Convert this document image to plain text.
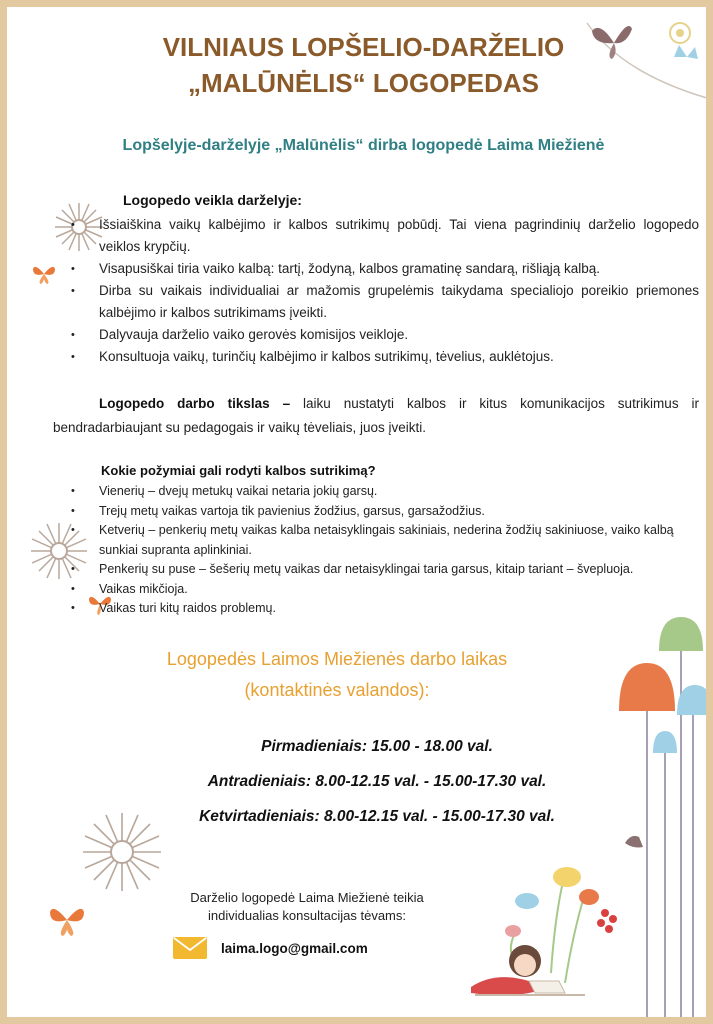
VILNIAUS LOPŠELIO-DARŽELIO
„MALŪNĖLIS“ LOGOPEDAS

Lopšelyje-darželyje „Malūnėlis“ dirba logopedė Laima Miežienė

Logopedo veikla darželyje:

• Išsiaiškina vaikų kalbėjimo ir kalbos sutrikimų pobūdį. Tai viena pagrindinių darželio logopedo veiklos krypčių.
• Visapusiškai tiria vaiko kalbą: tartį, žodyną, kalbos gramatinę sandarą, rišliąją kalbą.
• Dirba su vaikais individualiai ar mažomis grupelėmis taikydama specialiojo poreikio priemones kalbėjimo ir kalbos sutrikimams įveikti.
• Dalyvauja darželio vaiko gerovės komisijos veikloje.
• Konsultuoja vaikų, turinčių kalbėjimo ir kalbos sutrikimų, tėvelius, auklėtojus.

Logopedo darbo tikslas – laiku nustatyti kalbos ir kitus komunikacijos sutrikimus ir bendradarbiaujant su pedagogais ir vaikų tėveliais, juos įveikti.

Kokie požymiai gali rodyti kalbos sutrikimą?

• Vienerių – dvejų metukų vaikai netaria jokių garsų.
• Trejų metų vaikas vartoja tik pavienius žodžius, garsus, garsažodžius.
• Ketverių – penkerių metų vaikas kalba netaisyklingais sakiniais, nederina žodžių sakiniuose, vaiko kalbą sunkiai supranta aplinkiniai.
• Penkerių su puse – šešerių metų vaikas dar netaisyklingai taria garsus, kitaip tariant – švepluoja.
• Vaikas mikčioja.
• Vaikas turi kitų raidos problemų.

Logopedės Laimos Miežienės darbo laikas
(kontaktinės valandos):

Pirmadieniais: 15.00 - 18.00 val.
Antradieniais: 8.00-12.15 val. - 15.00-17.30 val.
Ketvirtadieniais: 8.00-12.15 val. - 15.00-17.30 val.

Darželio logopedė Laima Miežienė teikia
individualias konsultacijas tėvams:

laima.logo@gmail.com
